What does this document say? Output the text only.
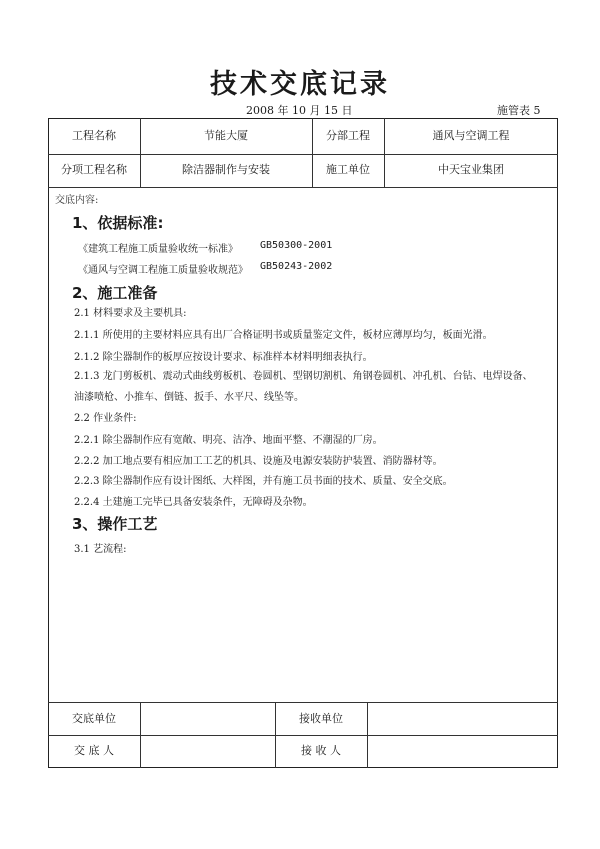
技术交底记录
2008 年 10 月 15 日	施管表 5
工程名称	节能大厦	分部工程	通风与空调工程
分项工程名称	除洁器制作与安装	施工单位	中天宝业集团
交底内容:
1、依据标准:
《建筑工程施工质量验收统一标准》 GB50300-2001
《通风与空调工程施工质量验收规范》 GB50243-2002
2、施工准备
2.1 材料要求及主要机具:
2.1.1 所使用的主要材料应具有出厂合格证明书或质量鉴定文件，板材应薄厚均匀，板面光滑。
2.1.2 除尘器制作的板厚应按设计要求、标准样本材料明细表执行。
2.1.3 龙门剪板机、震动式曲线剪板机、卷圆机、型钢切割机、角钢卷圆机、冲孔机、台钻、电焊设备、油漆喷枪、小推车、倒链、扳手、水平尺、线坠等。
2.2 作业条件:
2.2.1 除尘器制作应有宽敞、明亮、洁净、地面平整、不潮湿的厂房。
2.2.2 加工地点要有相应加工工艺的机具、设施及电源安装防护装置、消防器材等。
2.2.3 除尘器制作应有设计图纸、大样图，并有施工员书面的技术、质量、安全交底。
2.2.4 土建施工完毕已具备安装条件，无障碍及杂物。
3、操作工艺
3.1 艺流程:
交底单位	接收单位
交 底 人	接 收 人
